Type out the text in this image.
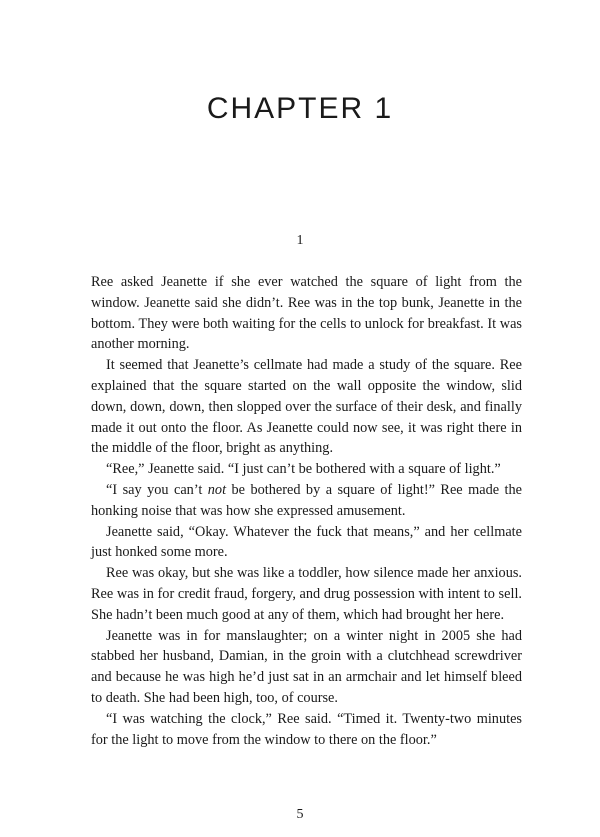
CHAPTER 1
1

Ree asked Jeanette if she ever watched the square of light from the window. Jeanette said she didn’t. Ree was in the top bunk, Jeanette in the bottom. They were both waiting for the cells to unlock for breakfast. It was another morning.

It seemed that Jeanette’s cellmate had made a study of the square. Ree explained that the square started on the wall opposite the window, slid down, down, down, then slopped over the surface of their desk, and finally made it out onto the floor. As Jeanette could now see, it was right there in the middle of the floor, bright as anything.

“Ree,” Jeanette said. “I just can’t be bothered with a square of light.”

“I say you can’t not be bothered by a square of light!” Ree made the honking noise that was how she expressed amusement.

Jeanette said, “Okay. Whatever the fuck that means,” and her cellmate just honked some more.

Ree was okay, but she was like a toddler, how silence made her anxious. Ree was in for credit fraud, forgery, and drug possession with intent to sell. She hadn’t been much good at any of them, which had brought her here.

Jeanette was in for manslaughter; on a winter night in 2005 she had stabbed her husband, Damian, in the groin with a clutchhead screwdriver and because he was high he’d just sat in an armchair and let himself bleed to death. She had been high, too, of course.

“I was watching the clock,” Ree said. “Timed it. Twenty-two minutes for the light to move from the window to there on the floor.”

5
